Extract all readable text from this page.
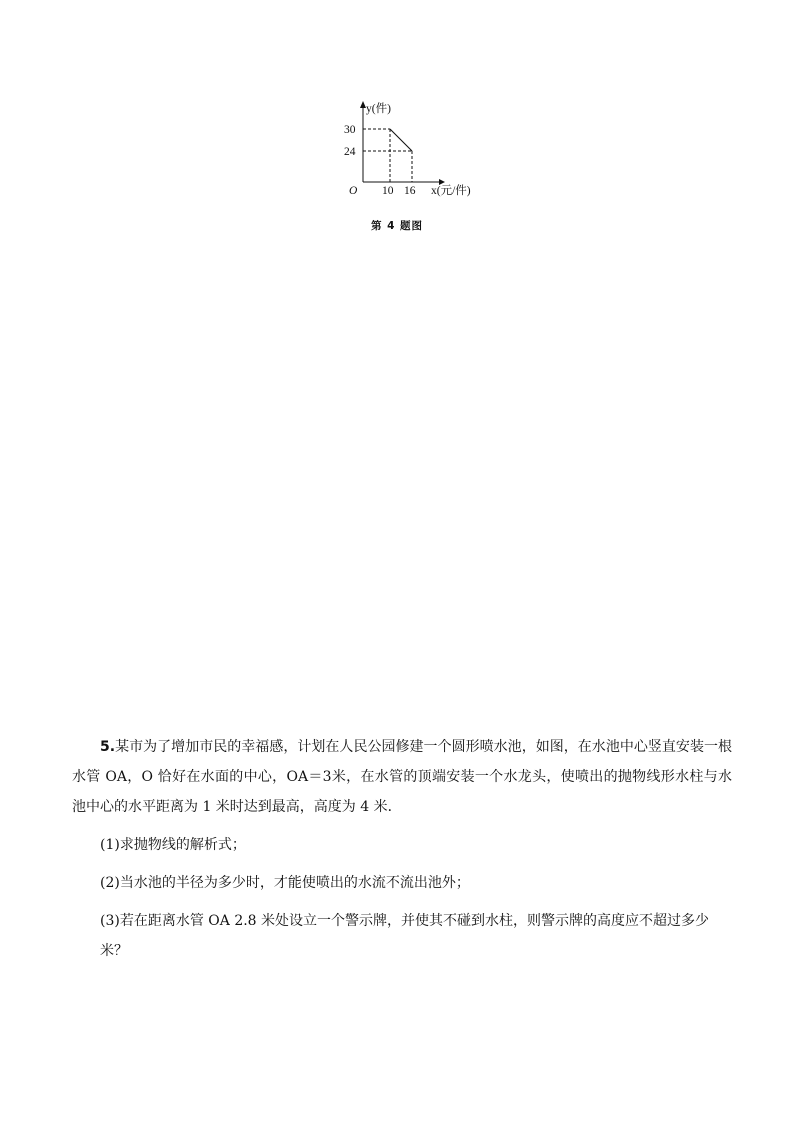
y(件)
30
24
O 10 16 x(元/件)
第 4 题图

5.某市为了增加市民的幸福感，计划在人民公园修建一个圆形喷水池，如图，在水池中心竖直安装一根水管 OA，O 恰好在水面的中心，OA＝3米，在水管的顶端安装一个水龙头，使喷出的抛物线形水柱与水池中心的水平距离为 1 米时达到最高，高度为 4 米．

(1)求抛物线的解析式；

(2)当水池的半径为多少时，才能使喷出的水流不流出池外；

(3)若在距离水管 OA 2.8 米处设立一个警示牌，并使其不碰到水柱，则警示牌的高度应不超过多少米？
